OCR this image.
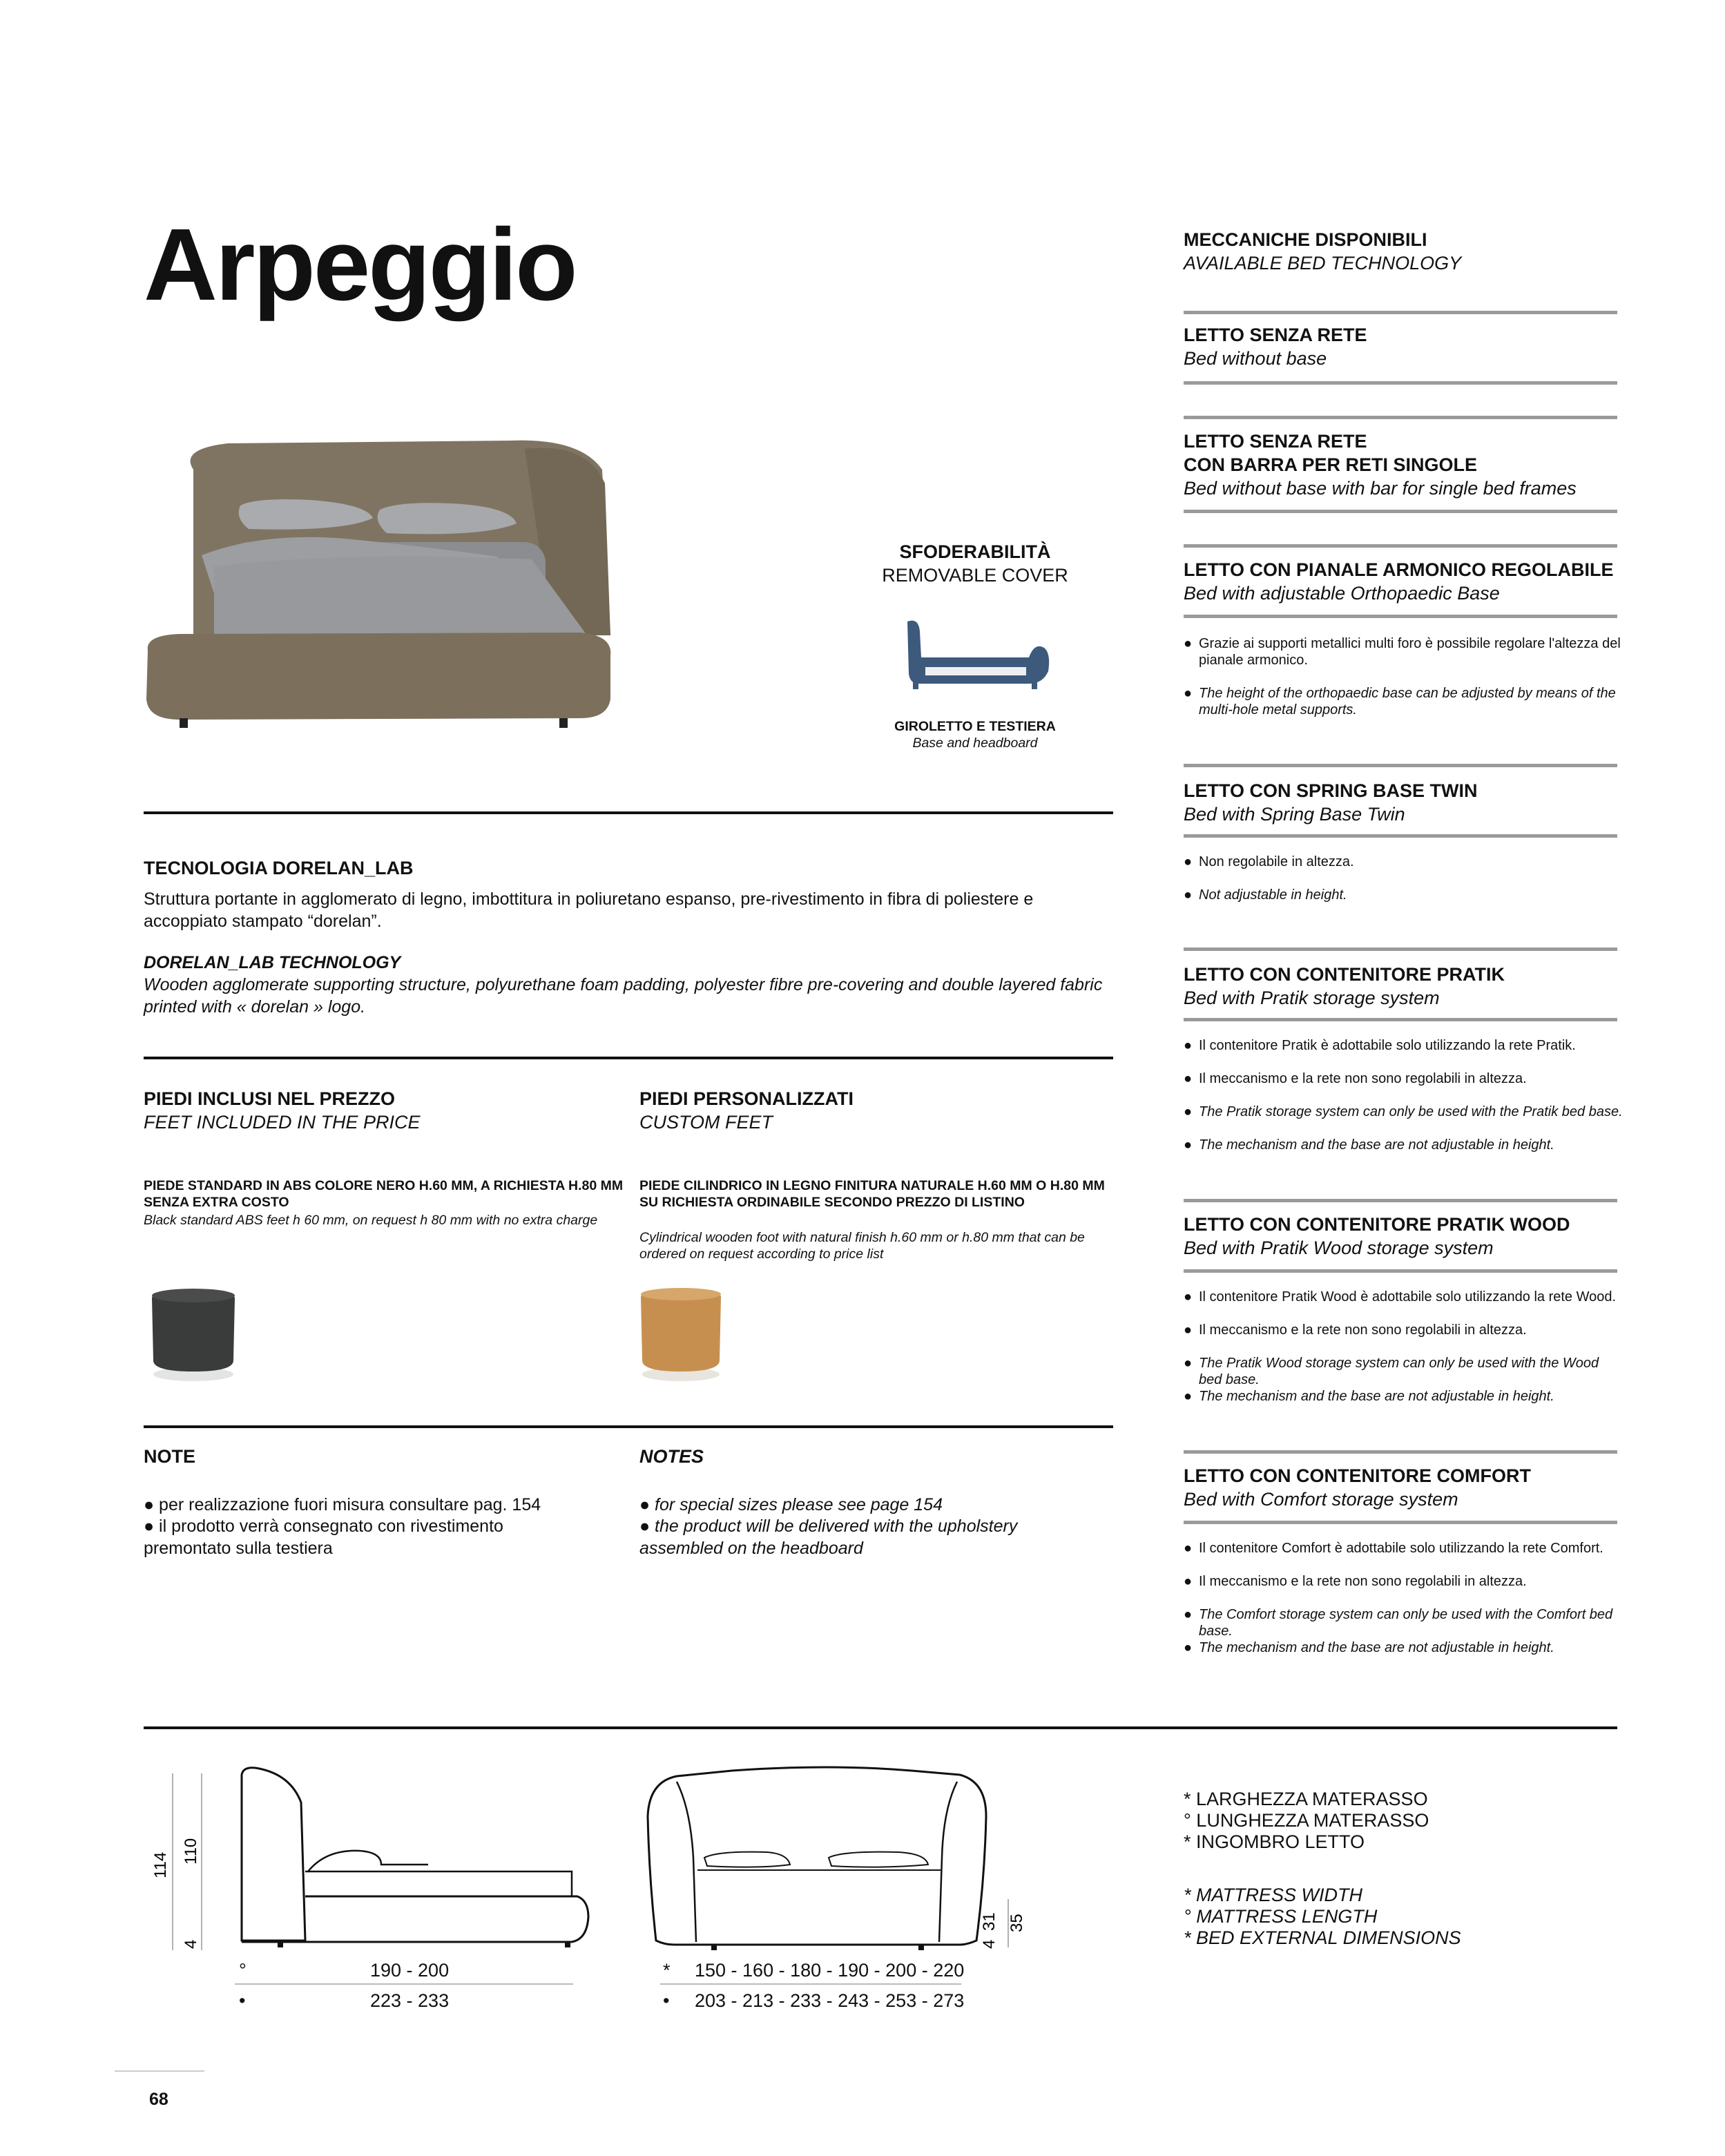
Arpeggio
SFODERABILITÀ
REMOVABLE COVER
GIROLETTO E TESTIERA
Base and headboard
TECNOLOGIA DORELAN_LAB
Struttura portante in agglomerato di legno, imbottitura in poliuretano espanso, pre-rivestimento in fibra di poliestere e accoppiato stampato “dorelan”.
DORELAN_LAB TECHNOLOGY
Wooden agglomerate supporting structure, polyurethane foam padding, polyester fibre pre-covering and double layered fabric printed with « dorelan » logo.
PIEDI INCLUSI NEL PREZZO
FEET INCLUDED IN THE PRICE
PIEDI PERSONALIZZATI
CUSTOM FEET
PIEDE STANDARD IN ABS COLORE NERO H.60 MM, A RICHIESTA H.80 MM SENZA EXTRA COSTO
Black standard ABS feet h 60 mm, on request h 80 mm with no extra charge
PIEDE CILINDRICO IN LEGNO FINITURA NATURALE H.60 MM O H.80 MM SU RICHIESTA ORDINABILE SECONDO PREZZO DI LISTINO
Cylindrical wooden foot with natural finish h.60 mm or h.80 mm that can be ordered on request according to price list
NOTE	NOTES
● per realizzazione fuori misura consultare pag. 154
● il prodotto verrà consegnato con rivestimento premontato sulla testiera
● for special sizes please see page 154
● the product will be delivered with the upholstery assembled on the headboard
MECCANICHE DISPONIBILI
AVAILABLE BED TECHNOLOGY
LETTO SENZA RETE
Bed without base
LETTO SENZA RETE
CON BARRA PER RETI SINGOLE
Bed without base with bar for single bed frames
LETTO CON PIANALE ARMONICO REGOLABILE
Bed with adjustable Orthopaedic Base
● Grazie ai supporti metallici multi foro è possibile regolare l'altezza del pianale armonico.
● The height of the orthopaedic base can be adjusted by means of the multi-hole metal supports.
LETTO CON SPRING BASE TWIN
Bed with Spring Base Twin
● Non regolabile in altezza.
● Not adjustable in height.
LETTO CON CONTENITORE PRATIK
Bed with Pratik storage system
● Il contenitore Pratik è adottabile solo utilizzando la rete Pratik.
● Il meccanismo e la rete non sono regolabili in altezza.
● The Pratik storage system can only be used with the Pratik bed base.
● The mechanism and the base are not adjustable in height.
LETTO CON CONTENITORE PRATIK WOOD
Bed with Pratik Wood storage system
● Il contenitore Pratik Wood è adottabile solo utilizzando la rete Wood.
● Il meccanismo e la rete non sono regolabili in altezza.
● The Pratik Wood storage system can only be used with the Wood bed base.
● The mechanism and the base are not adjustable in height.
LETTO CON CONTENITORE COMFORT
Bed with Comfort storage system
● Il contenitore Comfort è adottabile solo utilizzando la rete Comfort.
● Il meccanismo e la rete non sono regolabili in altezza.
● The Comfort storage system can only be used with the Comfort bed base.
● The mechanism and the base are not adjustable in height.
114
110
4	4
31 35
°	190 - 200
•	223 - 233
* 150 - 160 - 180 - 190 - 200 - 220
• 203 - 213 - 233 - 243 - 253 - 273
* LARGHEZZA MATERASSO
° LUNGHEZZA MATERASSO
* INGOMBRO LETTO
* MATTRESS WIDTH
° MATTRESS LENGTH
* BED EXTERNAL DIMENSIONS
68
